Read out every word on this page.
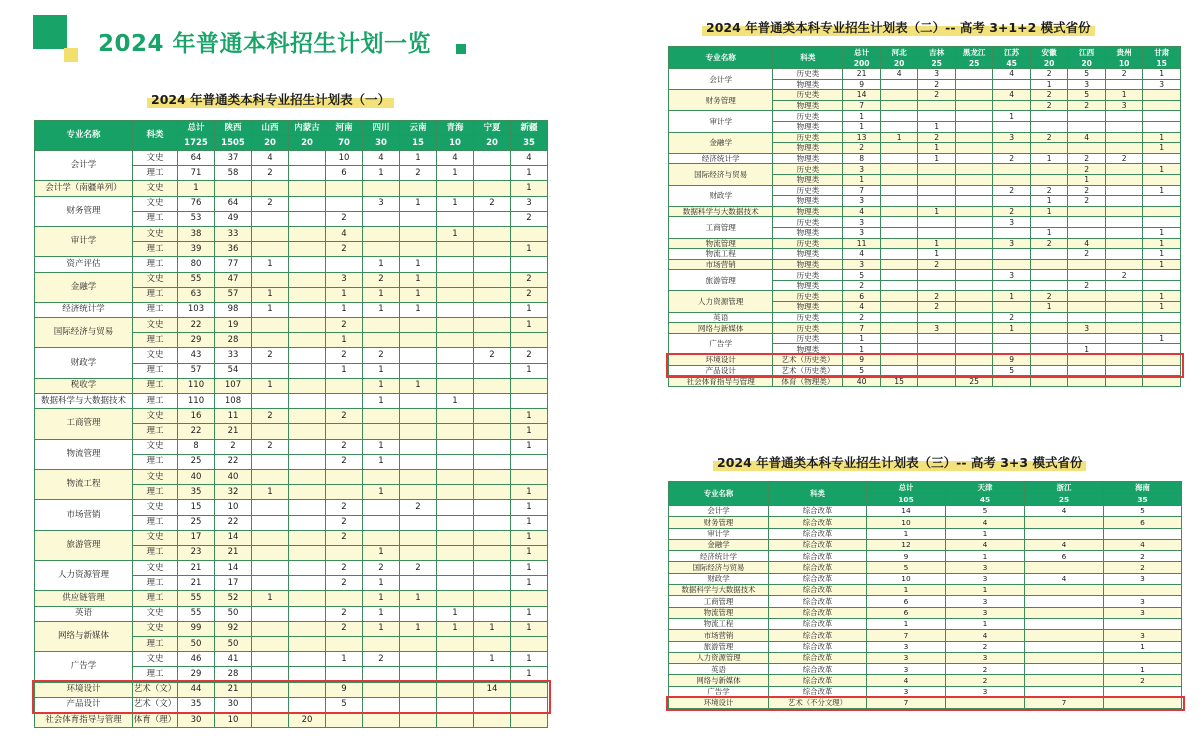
2024 年普通本科招生计划一览
2024 年普通类本科专业招生计划表（一）
专业名称	科类	总计	陕西	山西	内蒙古	河南	四川	云南	青海	宁夏	新疆
		1725	1505	20	20	70	30	15	10	20	35
会计学	文史	64	37	4		10	4	1	4		4
	理工	71	58	2		6	1	2	1		1
会计学（南疆单列）	文史	1									1
财务管理	文史	76	64	2			3	1	1	2	3
	理工	53	49			2					2
审计学	文史	38	33			4			1		
	理工	39	36			2					1
资产评估	理工	80	77	1			1	1			
金融学	文史	55	47			3	2	1			2
	理工	63	57	1		1	1	1			2
经济统计学	理工	103	98	1		1	1	1			1
国际经济与贸易	文史	22	19			2					1
	理工	29	28			1					
财政学	文史	43	33	2		2	2			2	2
	理工	57	54			1	1				1
税收学	理工	110	107	1			1	1			
数据科学与大数据技术	理工	110	108				1		1		
工商管理	文史	16	11	2		2					1
	理工	22	21								1
物流管理	文史	8	2	2		2	1				1
	理工	25	22			2	1				
物流工程	文史	40	40								
	理工	35	32	1			1				1
市场营销	文史	15	10			2		2			1
	理工	25	22			2					1
旅游管理	文史	17	14			2					1
	理工	23	21				1				1
人力资源管理	文史	21	14			2	2	2			1
	理工	21	17			2	1				1
供应链管理	理工	55	52	1			1	1			
英语	文史	55	50			2	1		1		1
网络与新媒体	文史	99	92			2	1	1	1	1	1
	理工	50	50								
广告学	文史	46	41			1	2			1	1
	理工	29	28								1
环境设计	艺术（文）	44	21			9				14	
产品设计	艺术（文）	35	30			5					
社会体育指导与管理	体育（理）	30	10		20						
2024 年普通类本科专业招生计划表（二）-- 高考 3+1+2 模式省份
专业名称	科类	总计	河北	吉林	黑龙江	江苏	安徽	江西	贵州	甘肃
		200	20	25	25	45	20	20	10	15
会计学	历史类	21	4	3		4	2	5	2	1
	物理类	9		2			1	3		3
财务管理	历史类	14		2		4	2	5	1	
	物理类	7					2	2	3	
审计学	历史类	1				1				
	物理类	1		1						
金融学	历史类	13	1	2		3	2	4		1
	物理类	2		1						1
经济统计学	物理类	8		1		2	1	2	2	
国际经济与贸易	历史类	3						2		1
	物理类	1						1		
财政学	历史类	7				2	2	2		1
	物理类	3					1	2		
数据科学与大数据技术	物理类	4		1		2	1			
工商管理	历史类	3				3				
	物理类	3					1			1
物流管理	历史类	11		1		3	2	4		1
物流工程	物理类	4		1				2		1
市场营销	物理类	3		2						1
旅游管理	历史类	5				3			2	
	物理类	2						2		
人力资源管理	历史类	6		2		1	2			1
	物理类	4		2			1			1
英语	历史类	2				2				
网络与新媒体	历史类	7		3		1		3		
广告学	历史类	1								1
	物理类	1						1		
环境设计	艺术（历史类）	9				9				
产品设计	艺术（历史类）	5				5				
社会体育指导与管理	体育（物理类）	40	15		25					
2024 年普通类本科专业招生计划表（三）-- 高考 3+3 模式省份
专业名称	科类	总计	天津	浙江	海南
		105	45	25	35
会计学	综合改革	14	5	4	5
财务管理	综合改革	10	4		6
审计学	综合改革	1	1		
金融学	综合改革	12	4	4	4
经济统计学	综合改革	9	1	6	2
国际经济与贸易	综合改革	5	3		2
财政学	综合改革	10	3	4	3
数据科学与大数据技术	综合改革	1	1		
工商管理	综合改革	6	3		3
物流管理	综合改革	6	3		3
物流工程	综合改革	1	1		
市场营销	综合改革	7	4		3
旅游管理	综合改革	3	2		1
人力资源管理	综合改革	3	3		
英语	综合改革	3	2		1
网络与新媒体	综合改革	4	2		2
广告学	综合改革	3	3		
环境设计	艺术（不分文理）	7		7	
